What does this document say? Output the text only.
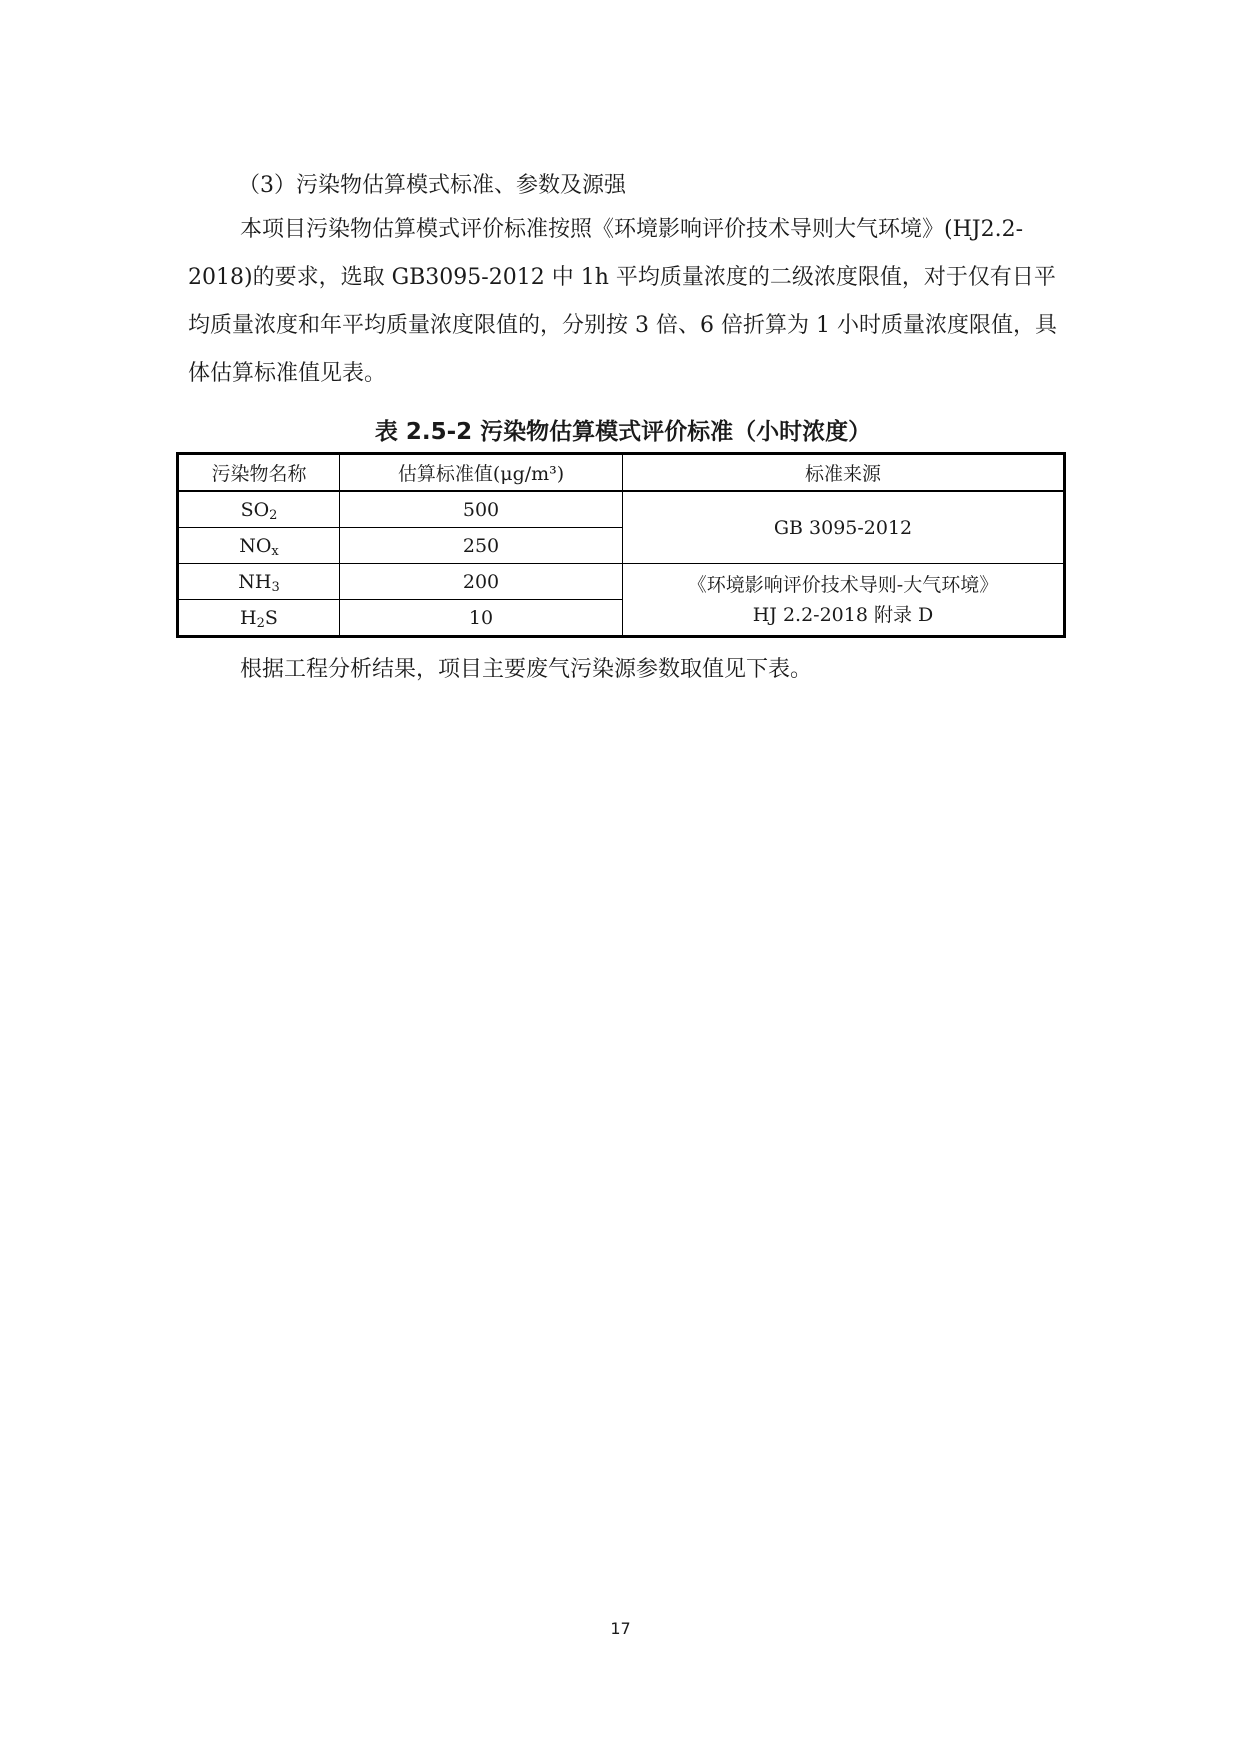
（3）污染物估算模式标准、参数及源强

本项目污染物估算模式评价标准按照《环境影响评价技术导则大气环境》(HJ2.2-2018)的要求，选取 GB3095-2012 中 1h 平均质量浓度的二级浓度限值，对于仅有日平均质量浓度和年平均质量浓度限值的，分别按 3 倍、6 倍折算为 1 小时质量浓度限值，具体估算标准值见表。

表 2.5-2 污染物估算模式评价标准（小时浓度）
污染物名称	估算标准值(μg/m³)	标准来源
$SO_2$	500	GB 3095-2012
$NO_x$	250	
$NH_3$	200	《环境影响评价技术导则-大气环境》
HJ 2.2-2018 附录 D

$H_2S$	10	

根据工程分析结果，项目主要废气污染源参数取值见下表。

17
